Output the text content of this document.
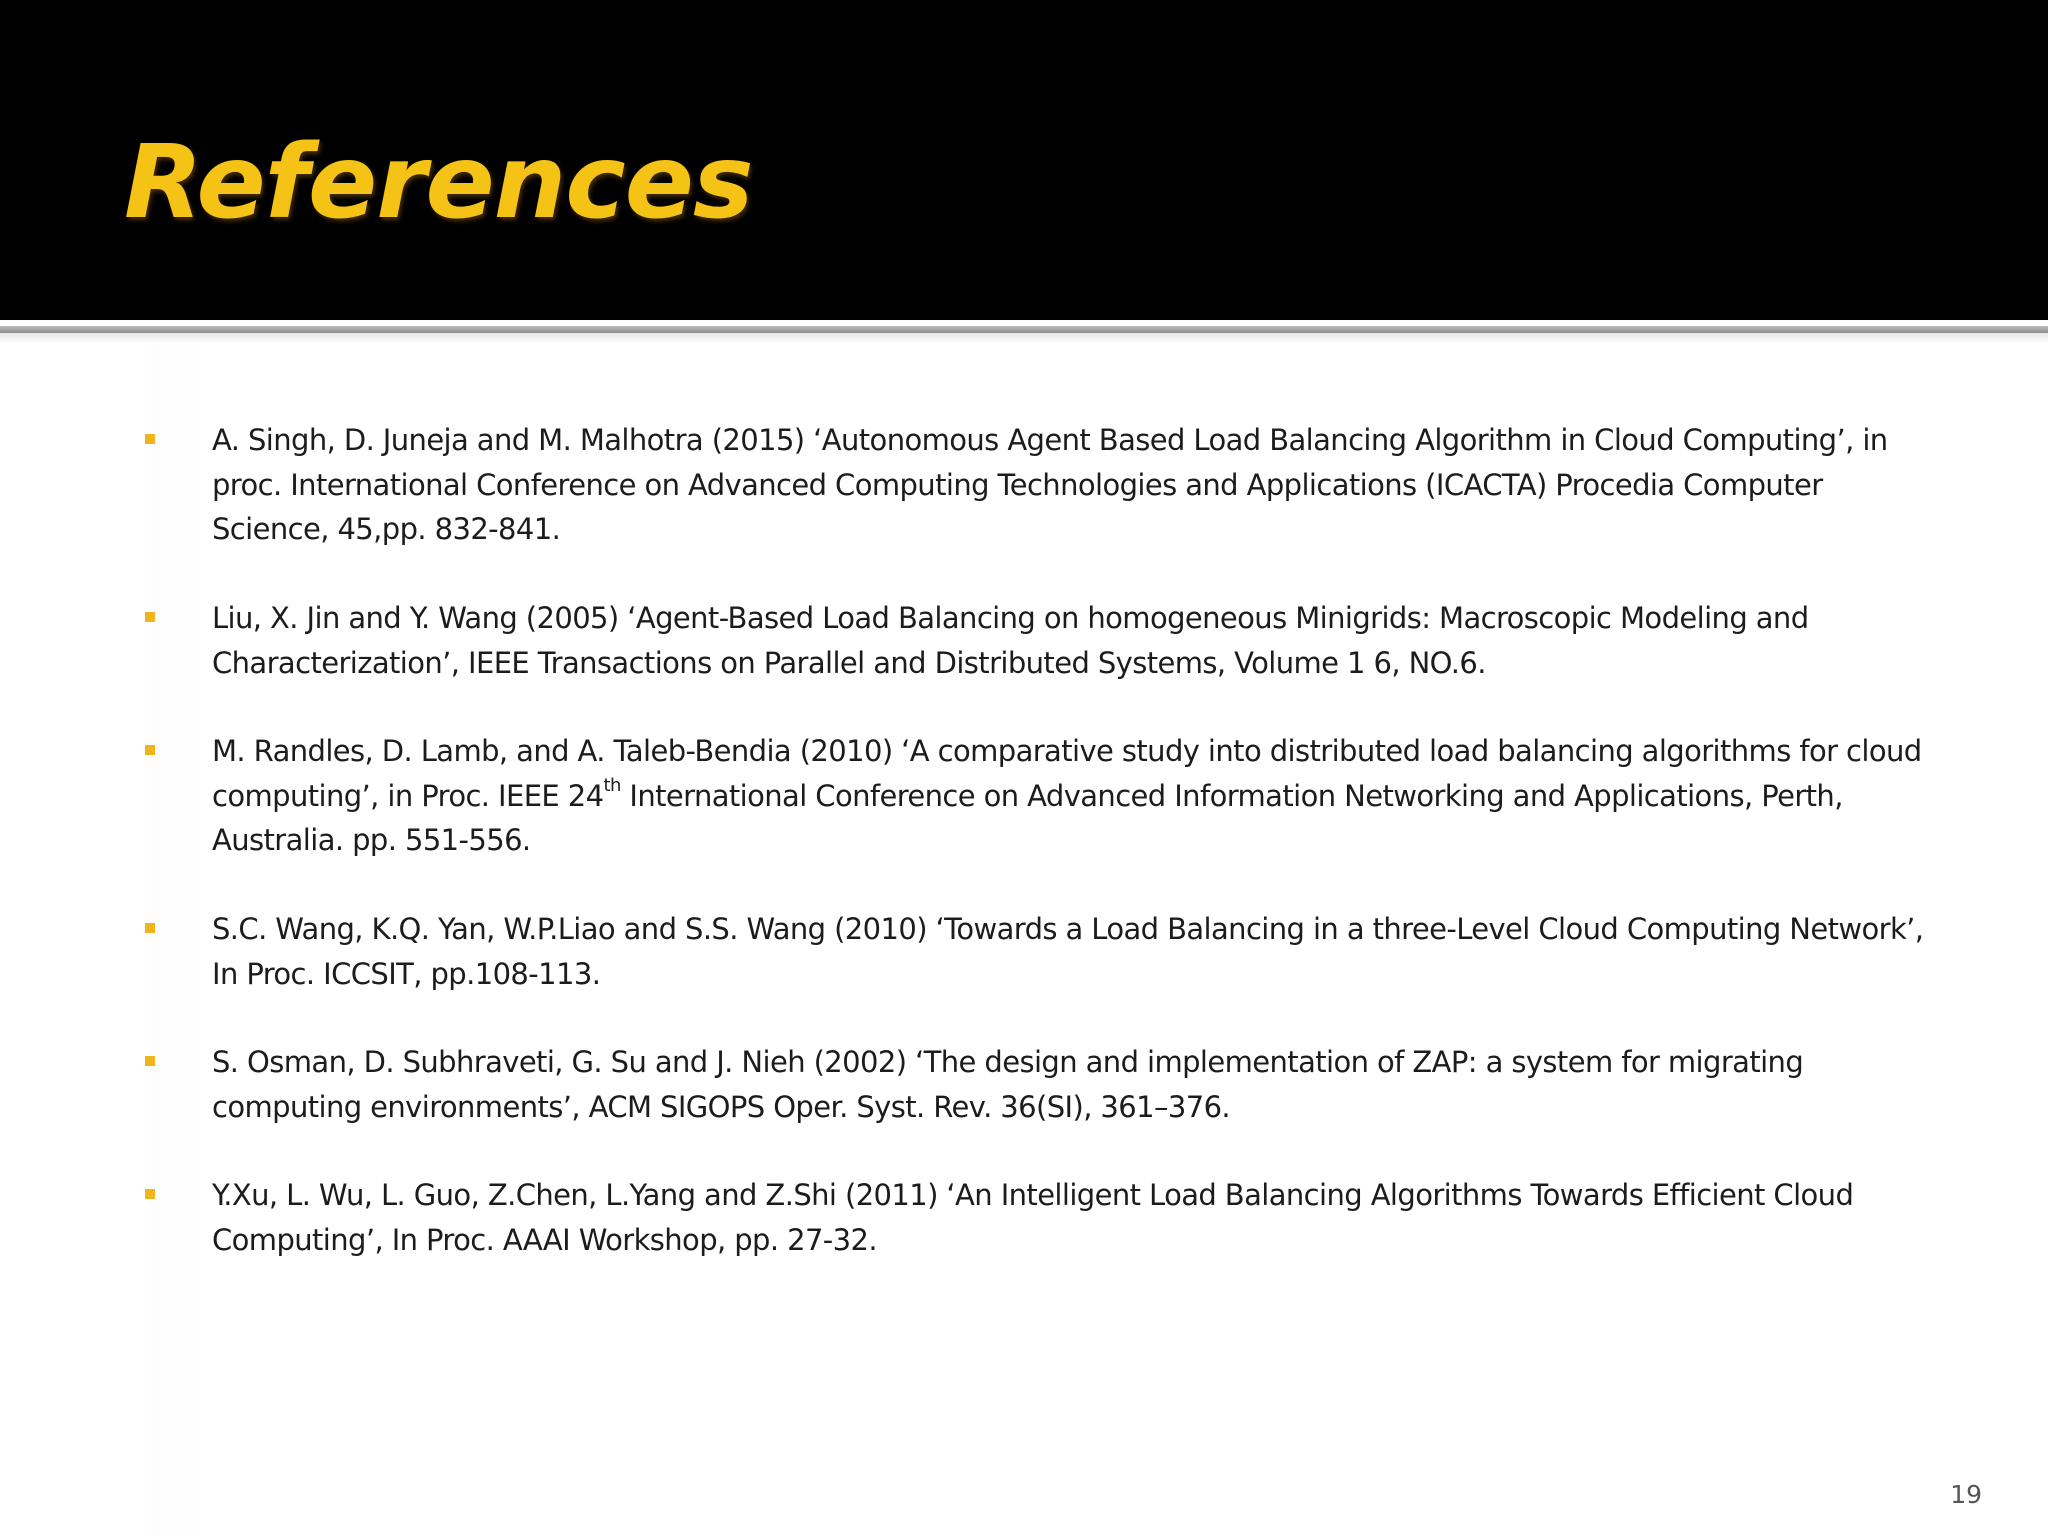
References
A. Singh, D. Juneja and M. Malhotra (2015) ‘Autonomous Agent Based Load Balancing Algorithm in Cloud Computing’, in proc. International Conference on Advanced Computing Technologies and Applications (ICACTA) Procedia Computer Science, 45,pp. 832-841.
Liu, X. Jin and Y. Wang (2005) ‘Agent-Based Load Balancing on homogeneous Minigrids: Macroscopic Modeling and Characterization’, IEEE Transactions on Parallel and Distributed Systems, Volume 1 6, NO.6.
M. Randles, D. Lamb, and A. Taleb-Bendia (2010) ‘A comparative study into distributed load balancing algorithms for cloud computing’, in Proc. IEEE 24th International Conference on Advanced Information Networking and Applications, Perth, Australia. pp. 551-556.
S.C. Wang, K.Q. Yan, W.P.Liao and S.S. Wang (2010) ‘Towards a Load Balancing in a three-Level Cloud Computing Network’, In Proc. ICCSIT, pp.108-113.
S. Osman, D. Subhraveti, G. Su and J. Nieh (2002) ‘The design and implementation of ZAP: a system for migrating computing environments’, ACM SIGOPS Oper. Syst. Rev. 36(SI), 361–376.
Y.Xu, L. Wu, L. Guo, Z.Chen, L.Yang and Z.Shi (2011) ‘An Intelligent Load Balancing Algorithms Towards Efficient Cloud Computing’, In Proc. AAAI Workshop, pp. 27-32.
19
